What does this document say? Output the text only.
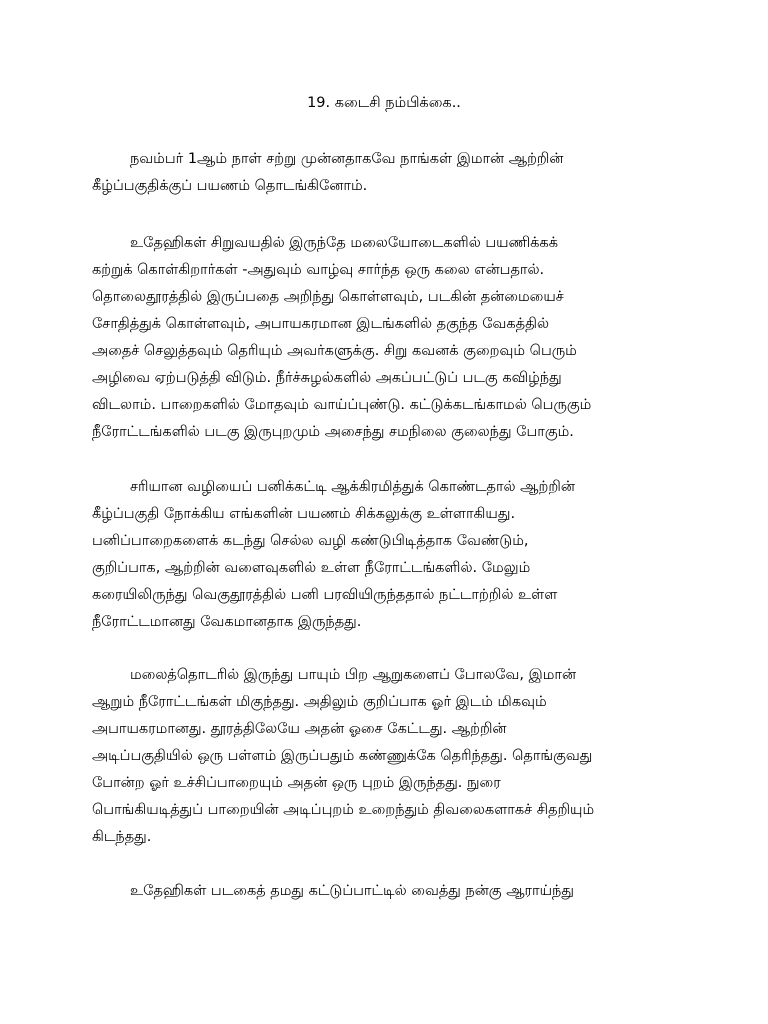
19. கடைசி நம்பிக்கை..
நவம்பர் 1ஆம் நாள் சற்று முன்னதாகவே நாங்கள் இமான் ஆற்றின்
கீழ்ப்பகுதிக்குப் பயணம் தொடங்கினோம்.
உதேஹிகள் சிறுவயதில் இருந்தே மலையோடைகளில் பயணிக்கக்
கற்றுக் கொள்கிறார்கள் -அதுவும் வாழ்வு சார்ந்த ஒரு கலை என்பதால்.
தொலைதூரத்தில் இருப்பதை அறிந்து கொள்ளவும், படகின் தன்மையைச்
சோதித்துக் கொள்ளவும், அபாயகரமான இடங்களில் தகுந்த வேகத்தில்
அதைச் செலுத்தவும் தெரியும் அவர்களுக்கு. சிறு கவனக் குறைவும் பெரும்
அழிவை ஏற்படுத்தி விடும். நீர்ச்சுழல்களில் அகப்பட்டுப் படகு கவிழ்ந்து
விடலாம். பாறைகளில் மோதவும் வாய்ப்புண்டு. கட்டுக்கடங்காமல் பெருகும்
நீரோட்டங்களில் படகு இருபுறமும் அசைந்து சமநிலை குலைந்து போகும்.
சரியான வழியைப் பனிக்கட்டி ஆக்கிரமித்துக் கொண்டதால் ஆற்றின்
கீழ்ப்பகுதி நோக்கிய எங்களின் பயணம் சிக்கலுக்கு உள்ளாகியது.
பனிப்பாறைகளைக் கடந்து செல்ல வழி கண்டுபிடித்தாக வேண்டும்,
குறிப்பாக, ஆற்றின் வளைவுகளில் உள்ள நீரோட்டங்களில். மேலும்
கரையிலிருந்து வெகுதூரத்தில் பனி பரவியிருந்ததால் நட்டாற்றில் உள்ள
நீரோட்டமானது வேகமானதாக இருந்தது.
மலைத்தொடரில் இருந்து பாயும் பிற ஆறுகளைப் போலவே, இமான்
ஆறும் நீரோட்டங்கள் மிகுந்தது. அதிலும் குறிப்பாக ஓர் இடம் மிகவும்
அபாயகரமானது. தூரத்திலேயே அதன் ஓசை கேட்டது. ஆற்றின்
அடிப்பகுதியில் ஒரு பள்ளம் இருப்பதும் கண்ணுக்கே தெரிந்தது. தொங்குவது
போன்ற ஓர் உச்சிப்பாறையும் அதன் ஒரு புறம் இருந்தது. நுரை
பொங்கியடித்துப் பாறையின் அடிப்புறம் உறைந்தும் திவலைகளாகச் சிதறியும்
கிடந்தது.
உதேஹிகள் படகைத் தமது கட்டுப்பாட்டில் வைத்து நன்கு ஆராய்ந்து
